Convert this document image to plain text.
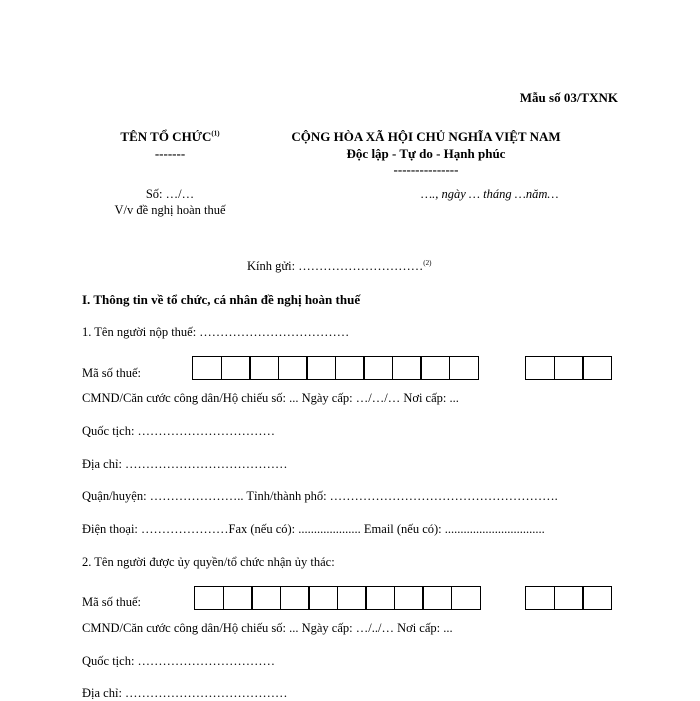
Mẫu số 03/TXNK
TÊN TỔ CHỨC$^{(1)}$
-------
CỘNG HÒA XÃ HỘI CHỦ NGHĨA VIỆT NAM
Độc lập - Tự do - Hạnh phúc
---------------
Số: …/…
V/v đề nghị hoàn thuế
…., ngày … tháng …năm…
Kính gửi: …………………………$^{(2)}$
I. Thông tin về tổ chức, cá nhân đề nghị hoàn thuế
1. Tên người nộp thuế: ………………………………
Mã số thuế:
CMND/Căn cước công dân/Hộ chiếu số: ... Ngày cấp: …/…/… Nơi cấp: ...
Quốc tịch: ……………………………
Địa chỉ: …………………………………
Quận/huyện: ………………….. Tỉnh/thành phố: ……………………………………………….
Điện thoại: …………………Fax (nếu có): .................... Email (nếu có): ................................
2. Tên người được ủy quyền/tổ chức nhận ủy thác:
Mã số thuế:
CMND/Căn cước công dân/Hộ chiếu số: ... Ngày cấp: …/../… Nơi cấp: ...
Quốc tịch: ……………………………
Địa chỉ: …………………………………
